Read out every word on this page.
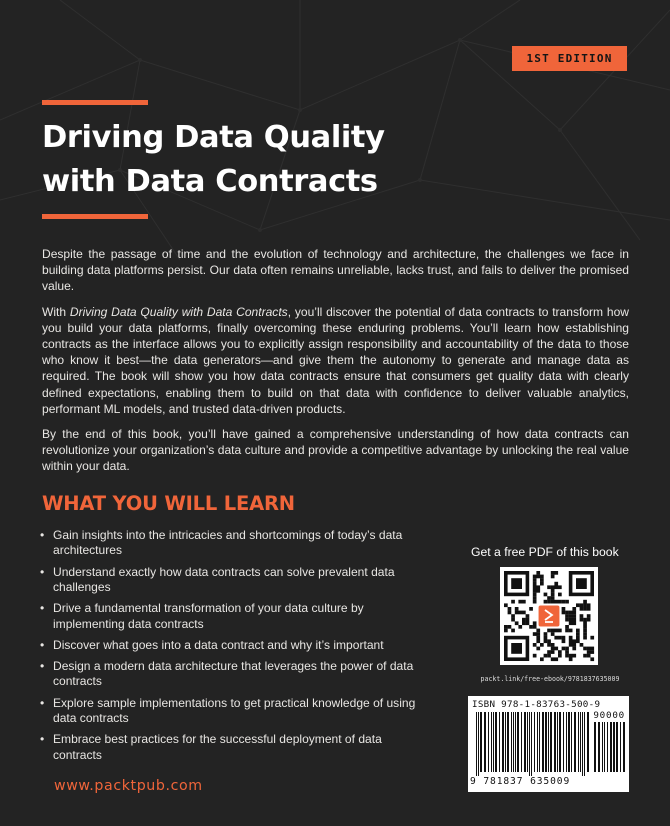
1ST EDITION
Driving Data Quality
with Data Contracts

Despite the passage of time and the evolution of technology and architecture, the challenges we face in building data platforms persist. Our data often remains unreliable, lacks trust, and fails to deliver the promised value.

With Driving Data Quality with Data Contracts, you’ll discover the potential of data contracts to transform how you build your data platforms, finally overcoming these enduring problems. You’ll learn how establishing contracts as the interface allows you to explicitly assign responsibility and accountability of the data to those who know it best—the data generators—and give them the autonomy to generate and manage data as required. The book will show you how data contracts ensure that consumers get quality data with clearly defined expectations, enabling them to build on that data with confidence to deliver valuable analytics, performant ML models, and trusted data-driven products.

By the end of this book, you’ll have gained a comprehensive understanding of how data contracts can revolutionize your organization’s data culture and provide a competitive advantage by unlocking the real value within your data.

WHAT YOU WILL LEARN
• Gain insights into the intricacies and shortcomings of today’s data architectures
• Understand exactly how data contracts can solve prevalent data challenges
• Drive a fundamental transformation of your data culture by implementing data contracts
• Discover what goes into a data contract and why it’s important
• Design a modern data architecture that leverages the power of data contracts
• Explore sample implementations to get practical knowledge of using data contracts
• Embrace best practices for the successful deployment of data contracts
Get a free PDF of this book
packt.link/free-ebook/9781837635009
ISBN 978-1-83763-500-9
90000
9 781837 635009
www.packtpub.com
